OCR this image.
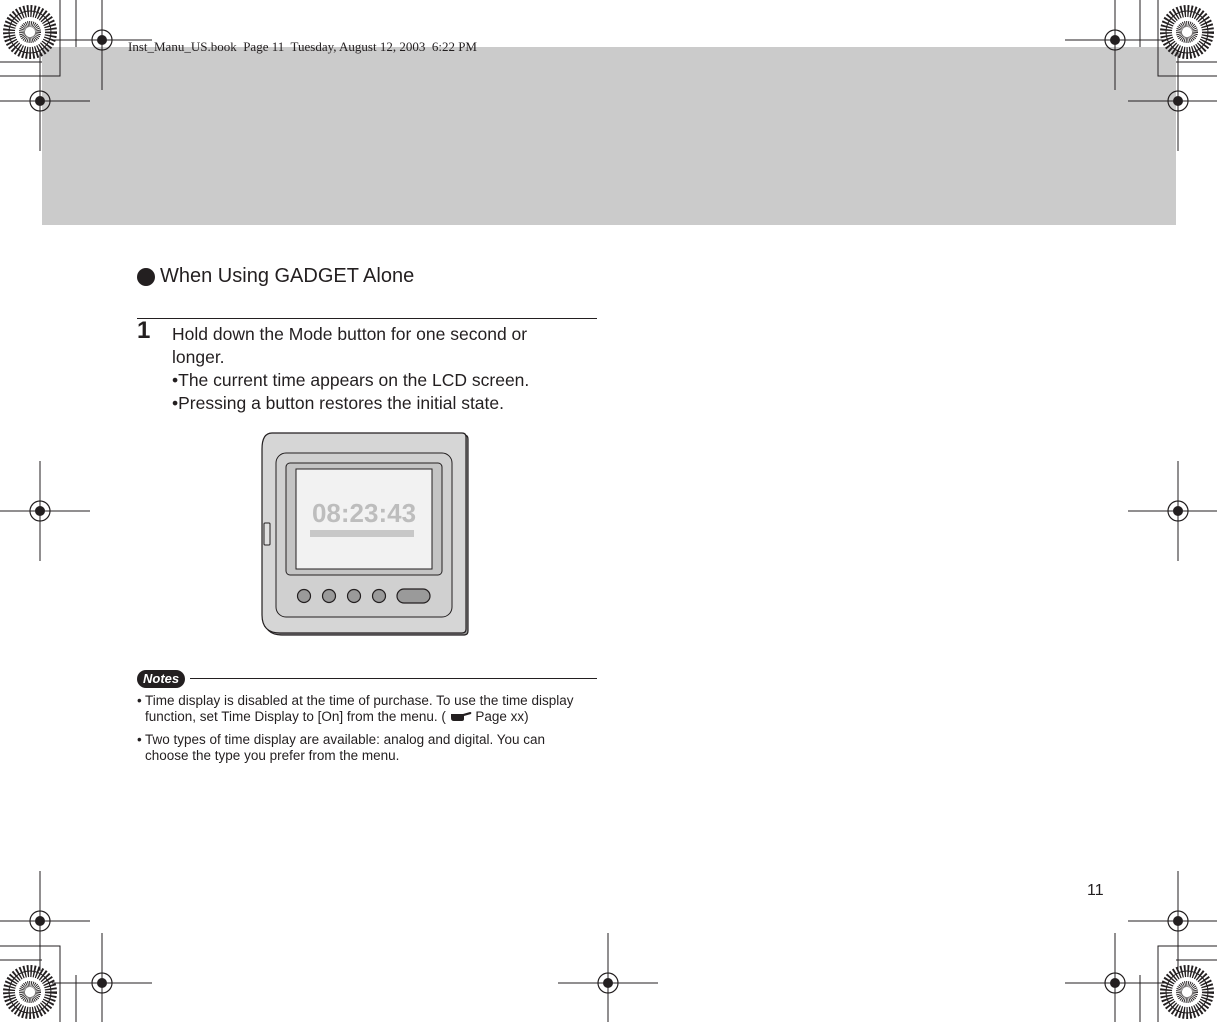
Inst_Manu_US.book  Page 11  Tuesday, August 12, 2003  6:22 PM
When Using GADGET Alone
1 Hold down the Mode button for one second or

longer.

•The current time appears on the LCD screen.

•Pressing a button restores the initial state.

08:23:43
Notes
• Time display is disabled at the time of purchase. To use the time display function, set Time Display to [On] from the menu. (  Page xx)
• Two types of time display are available: analog and digital. You can choose the type you prefer from the menu.
11
